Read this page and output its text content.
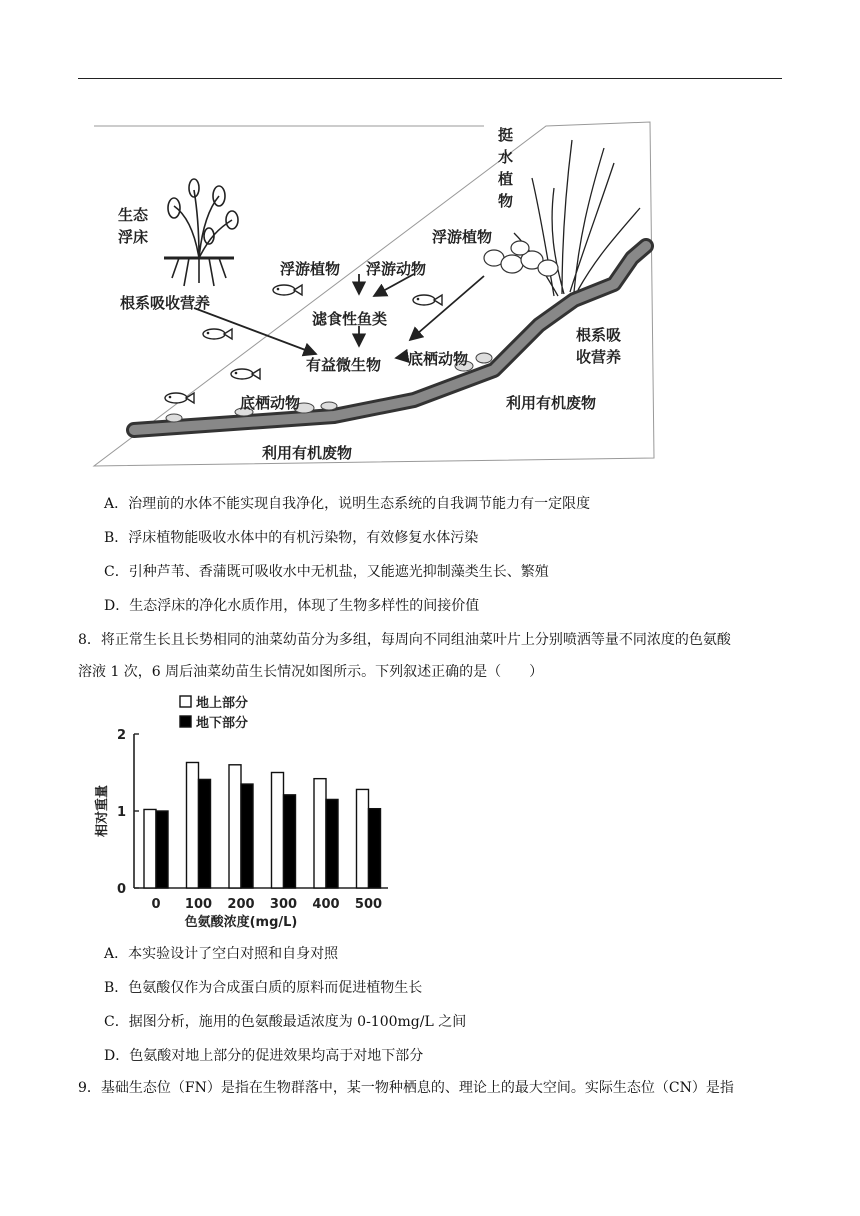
挺
水
植
物
生态
浮床
根系吸收营养
浮游植物 浮游动物
浮游植物
滤食性鱼类
有益微生物 底栖动物
底栖动物
根系吸
收营养
利用有机废物
利用有机废物
A．治理前的水体不能实现自我净化，说明生态系统的自我调节能力有一定限度
B．浮床植物能吸收水体中的有机污染物，有效修复水体污染
C．引种芦苇、香蒲既可吸收水中无机盐，又能遮光抑制藻类生长、繁殖
D．生态浮床的净化水质作用，体现了生物多样性的间接价值
8．将正常生长且长势相同的油菜幼苗分为多组，每周向不同组油菜叶片上分别喷洒等量不同浓度的色氨酸
溶液 1 次，6 周后油菜幼苗生长情况如图所示。下列叙述正确的是（　　）
0
1
2
相对重量
0 100 200 300 400 500
色氨酸浓度(mg/L)
地上部分
地下部分
A．本实验设计了空白对照和自身对照
B．色氨酸仅作为合成蛋白质的原料而促进植物生长
C．据图分析，施用的色氨酸最适浓度为 0-100mg/L 之间
D．色氨酸对地上部分的促进效果均高于对地下部分
9．基础生态位（FN）是指在生物群落中，某一物种栖息的、理论上的最大空间。实际生态位（CN）是指
